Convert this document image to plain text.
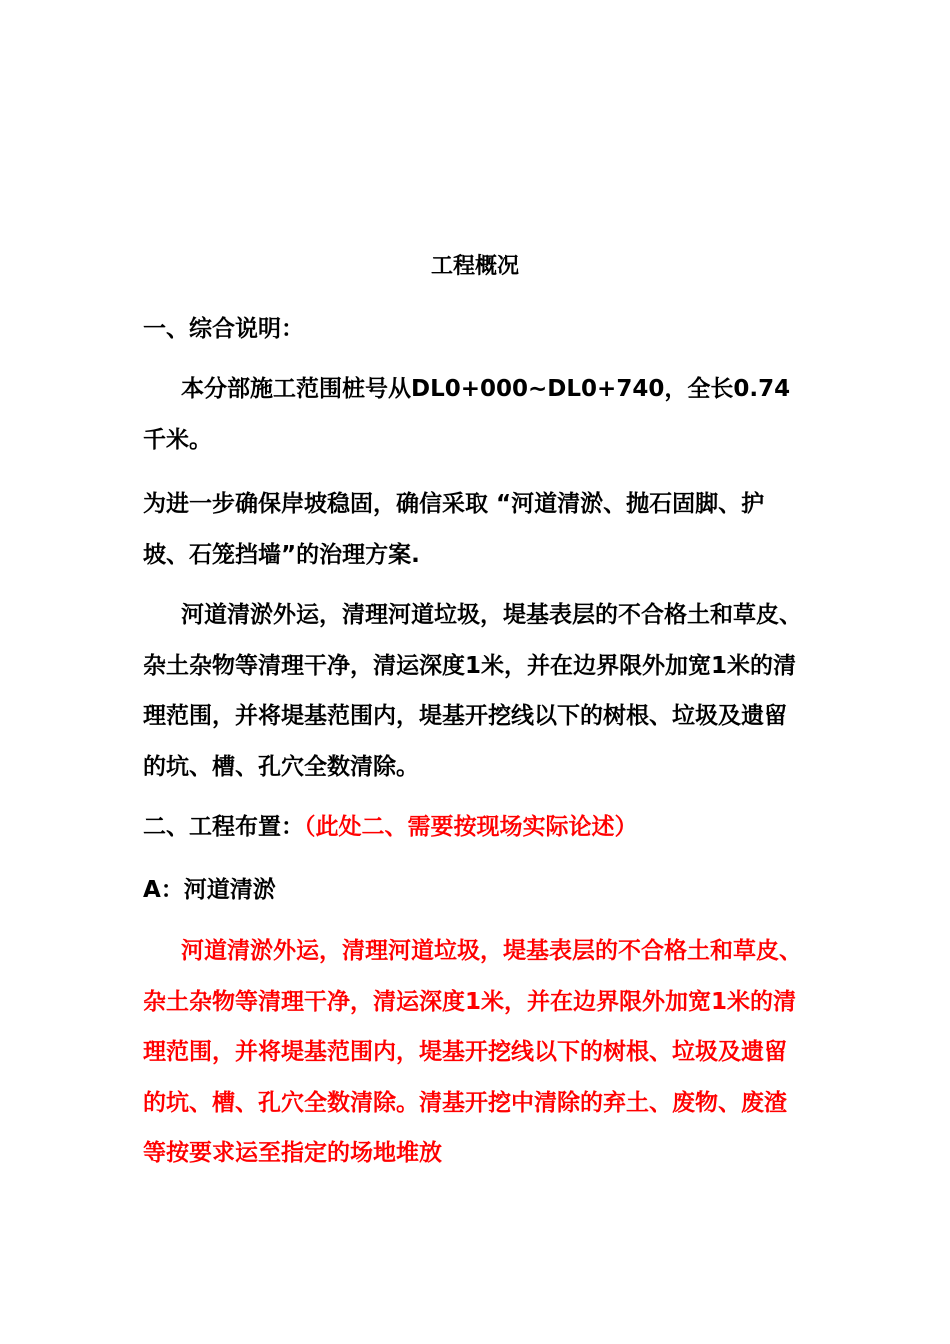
工程概况
一、综合说明：
本分部施工范围桩号从DL0+000~DL0+740，全长0.74千米。
为进一步确保岸坡稳固，确信采取 “河道清淤、抛石固脚、护坡、石笼挡墙”的治理方案.
河道清淤外运，清理河道垃圾，堤基表层的不合格土和草皮、杂土杂物等清理干净，清运深度1米，并在边界限外加宽1米的清理范围，并将堤基范围内，堤基开挖线以下的树根、垃圾及遗留的坑、槽、孔穴全数清除。
二、工程布置：（此处二、需要按现场实际论述）
A：河道清淤
河道清淤外运，清理河道垃圾，堤基表层的不合格土和草皮、杂土杂物等清理干净，清运深度1米，并在边界限外加宽1米的清理范围，并将堤基范围内，堤基开挖线以下的树根、垃圾及遗留的坑、槽、孔穴全数清除。清基开挖中清除的弃土、废物、废渣等按要求运至指定的场地堆放
